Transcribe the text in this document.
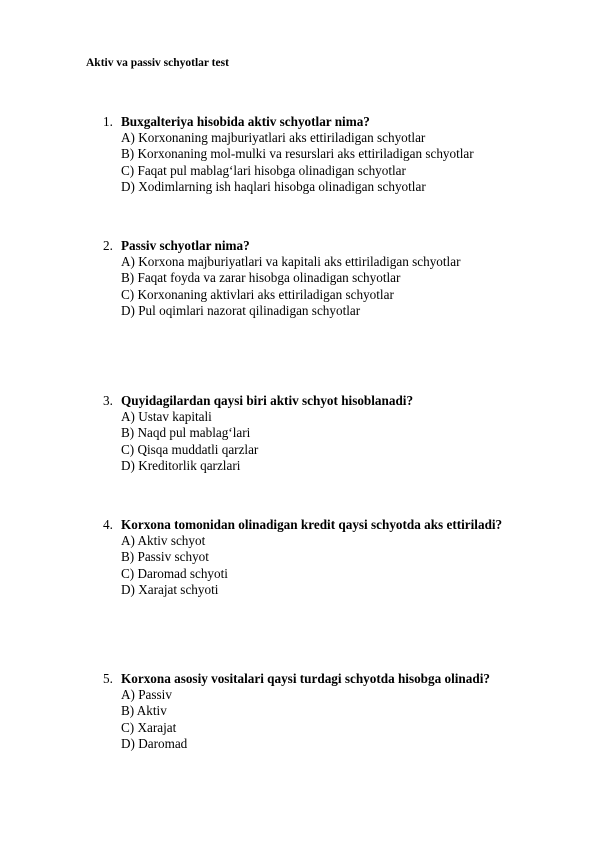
Aktiv va passiv schyotlar test
1. Buxgalteriya hisobida aktiv schyotlar nima?
A) Korxonaning majburiyatlari aks ettiriladigan schyotlar
B) Korxonaning mol-mulki va resurslari aks ettiriladigan schyotlar
C) Faqat pul mablag‘lari hisobga olinadigan schyotlar
D) Xodimlarning ish haqlari hisobga olinadigan schyotlar
2. Passiv schyotlar nima?
A) Korxona majburiyatlari va kapitali aks ettiriladigan schyotlar
B) Faqat foyda va zarar hisobga olinadigan schyotlar
C) Korxonaning aktivlari aks ettiriladigan schyotlar
D) Pul oqimlari nazorat qilinadigan schyotlar
3. Quyidagilardan qaysi biri aktiv schyot hisoblanadi?
A) Ustav kapitali
B) Naqd pul mablag‘lari
C) Qisqa muddatli qarzlar
D) Kreditorlik qarzlari
4. Korxona tomonidan olinadigan kredit qaysi schyotda aks ettiriladi?
A) Aktiv schyot
B) Passiv schyot
C) Daromad schyoti
D) Xarajat schyoti
5. Korxona asosiy vositalari qaysi turdagi schyotda hisobga olinadi?
A) Passiv
B) Aktiv
C) Xarajat
D) Daromad
